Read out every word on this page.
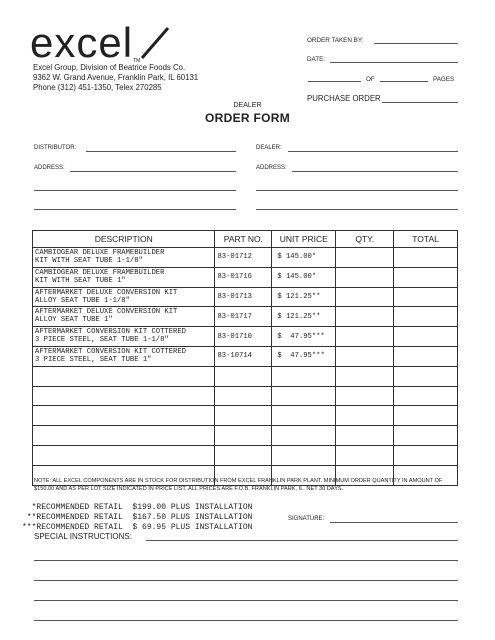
excelTM
Excel Group, Division of Beatrice Foods Co.
9362 W. Grand Avenue, Franklin Park, IL 60131
Phone (312) 451-1350, Telex 270285
ORDER TAKEN BY:
DATE:
OF	PAGES
PURCHASE ORDER
DEALER
ORDER FORM
DISTRIBUTOR:	DEALER:
ADDRESS:	ADDRESS:
DESCRIPTION	PART NO.	UNIT PRICE	QTY.	TOTAL

CAMBIOGEAR DELUXE FRAMEBUILDER
KIT WITH SEAT TUBE 1-1/8"	83-01712	$ 145.00*		

CAMBIOGEAR DELUXE FRAMEBUILDER
KIT WITH SEAT TUBE 1"	83-01716	$ 145.00*		

AFTERMARKET DELUXE CONVERSION KIT
ALLOY SEAT TUBE 1-1/8"	83-01713	$ 121.25**		

AFTERMARKET DELUXE CONVERSION KIT
ALLOY SEAT TUBE 1"	83-01717	$ 121.25**		

AFTERMARKET CONVERSION KIT COTTERED
3 PIECE STEEL, SEAT TUBE 1-1/8"	83-01710	$  47.95***		

AFTERMARKET CONVERSION KIT COTTERED
3 PIECE STEEL, SEAT TUBE 1"	83-10714	$  47.95***		

NOTE: ALL EXCEL COMPONENTS ARE IN STOCK FOR DISTRIBUTION FROM EXCEL FRANKLIN PARK PLANT. MINIMUM ORDER QUANTITY IN AMOUNT OF $150.00 AND AS PER LOT SIZE INDICATED IN PRICE LIST. ALL PRICES ARE F.O.B. FRANKLIN PARK, IL. NET 30 DAYS.
*RECOMMENDED RETAIL  $199.00 PLUS INSTALLATION
**RECOMMENDED RETAIL  $167.50 PLUS INSTALLATION
***RECOMMENDED RETAIL  $ 69.95 PLUS INSTALLATION
SIGNATURE:
SPECIAL INSTRUCTIONS:
